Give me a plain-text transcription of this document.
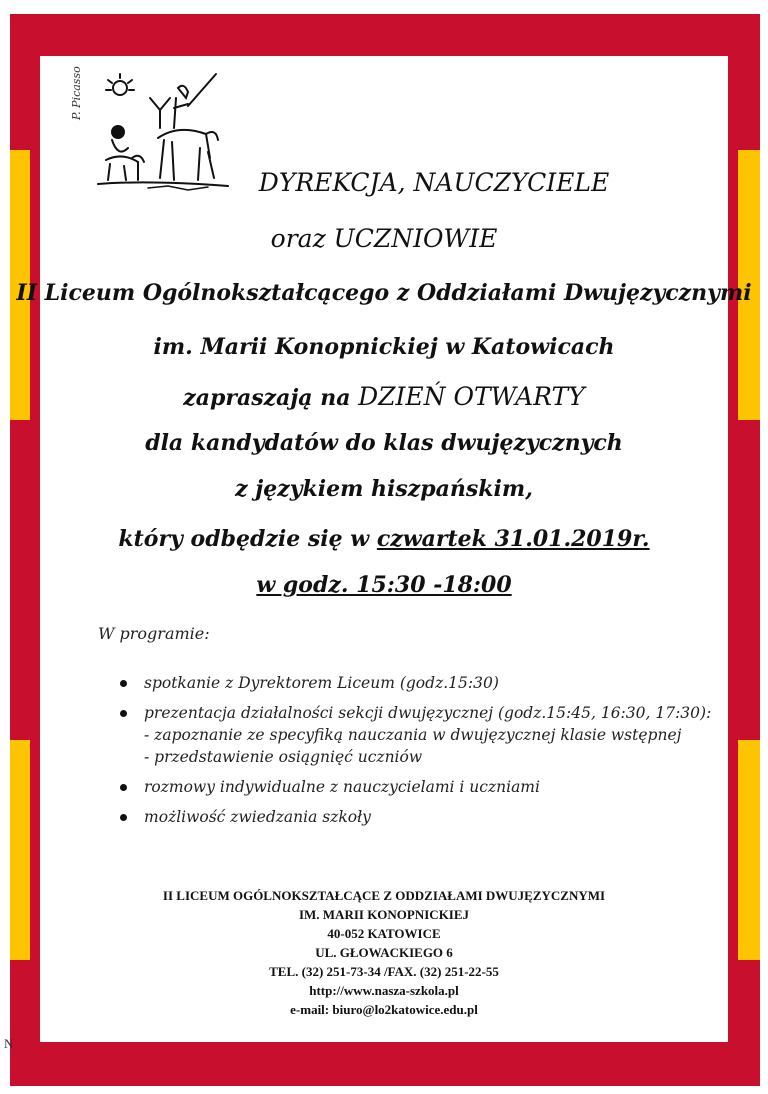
P. Picasso
DYREKCJA, NAUCZYCIELE
oraz UCZNIOWIE
II Liceum Ogólnokształcącego z Oddziałami Dwujęzycznymi
im. Marii Konopnickiej w Katowicach
zapraszają na DZIEŃ OTWARTY
dla kandydatów do klas dwujęzycznych
z językiem hiszpańskim,
który odbędzie się w czwartek 31.01.2019r.
w godz. 15:30 -18:00
W programie:
spotkanie z Dyrektorem Liceum (godz.15:30)
prezentacja działalności sekcji dwujęzycznej (godz.15:45, 16:30, 17:30):
- zapoznanie ze specyfiką nauczania w dwujęzycznej klasie wstępnej
- przedstawienie osiągnięć uczniów
rozmowy indywidualne z nauczycielami i uczniami
możliwość zwiedzania szkoły
II LICEUM OGÓLNOKSZTAŁCĄCE Z ODDZIAŁAMI DWUJĘZYCZNYMI
IM. MARII KONOPNICKIEJ
40-052 KATOWICE
UL. GŁOWACKIEGO 6
TEL. (32) 251-73-34 /FAX. (32) 251-22-55
http://www.nasza-szkola.pl
e-mail: biuro@lo2katowice.edu.pl
N
